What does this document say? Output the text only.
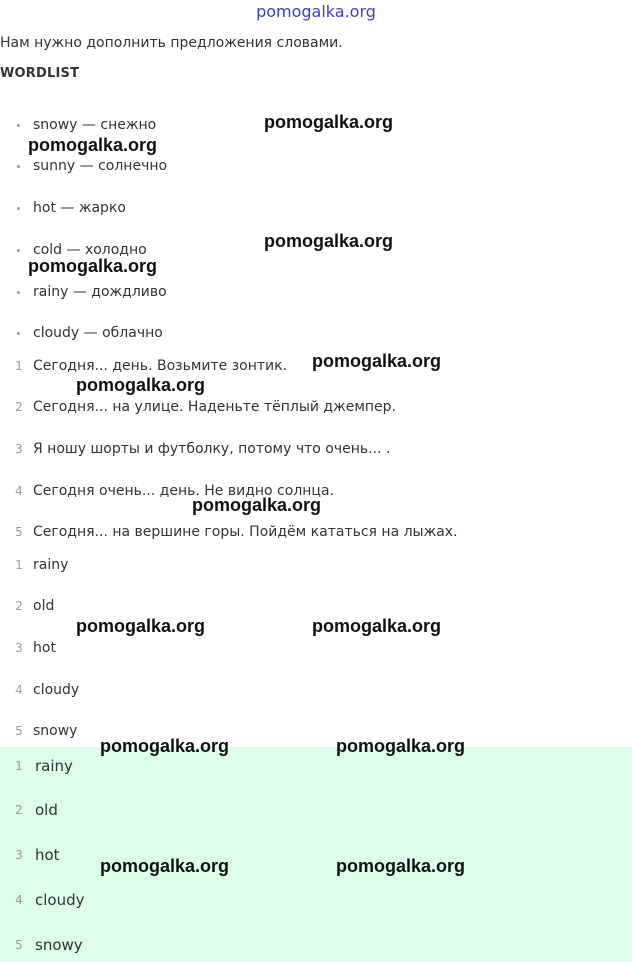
pomogalka.org
Нам нужно дополнить предложения словами.
WORDLIST
snowy — снежно
sunny — солнечно
hot — жарко
cold — холодно
rainy — дождливо
cloudy — облачно
1 Сегодня... день. Возьмите зонтик.
2 Сегодня... на улице. Наденьте тёплый джемпер.
3 Я ношу шорты и футболку, потому что очень... .
4 Сегодня очень... день. Не видно солнца.
5 Сегодня... на вершине горы. Пойдём кататься на лыжах.
1 rainy
2 old
3 hot
4 cloudy
5 snowy
1 rainy
2 old
3 hot
4 cloudy
5 snowy
pomogalka.org
pomogalka.org
pomogalka.org
pomogalka.org
pomogalka.org
pomogalka.org
pomogalka.org
pomogalka.org	pomogalka.org
pomogalka.org	pomogalka.org
pomogalka.org	pomogalka.org
